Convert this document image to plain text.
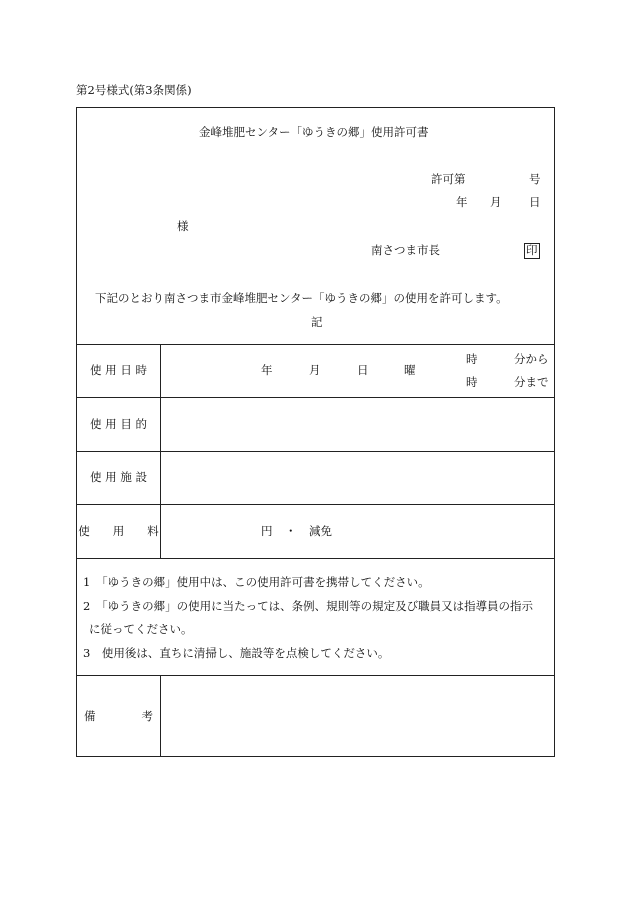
第2号様式(第3条関係)
金峰堆肥センター「ゆうきの郷」使用許可書
許可第	号
年 月 日
様
南さつま市長	印
下記のとおり南さつま市金峰堆肥センター「ゆうきの郷」の使用を許可します。
記
使 用 日 時	年	月	日	曜
時	分から
時	分まで
使 用 目 的
使 用 施 設
使　　用　　料	円 ・ 減免
1　「ゆうきの郷」使用中は、この使用許可書を携帯してください。
2　「ゆうきの郷」の使用に当たっては、条例、規則等の規定及び職員又は指導員の指示
に従ってください。
3　使用後は、直ちに清掃し、施設等を点検してください。
備　　　　考
